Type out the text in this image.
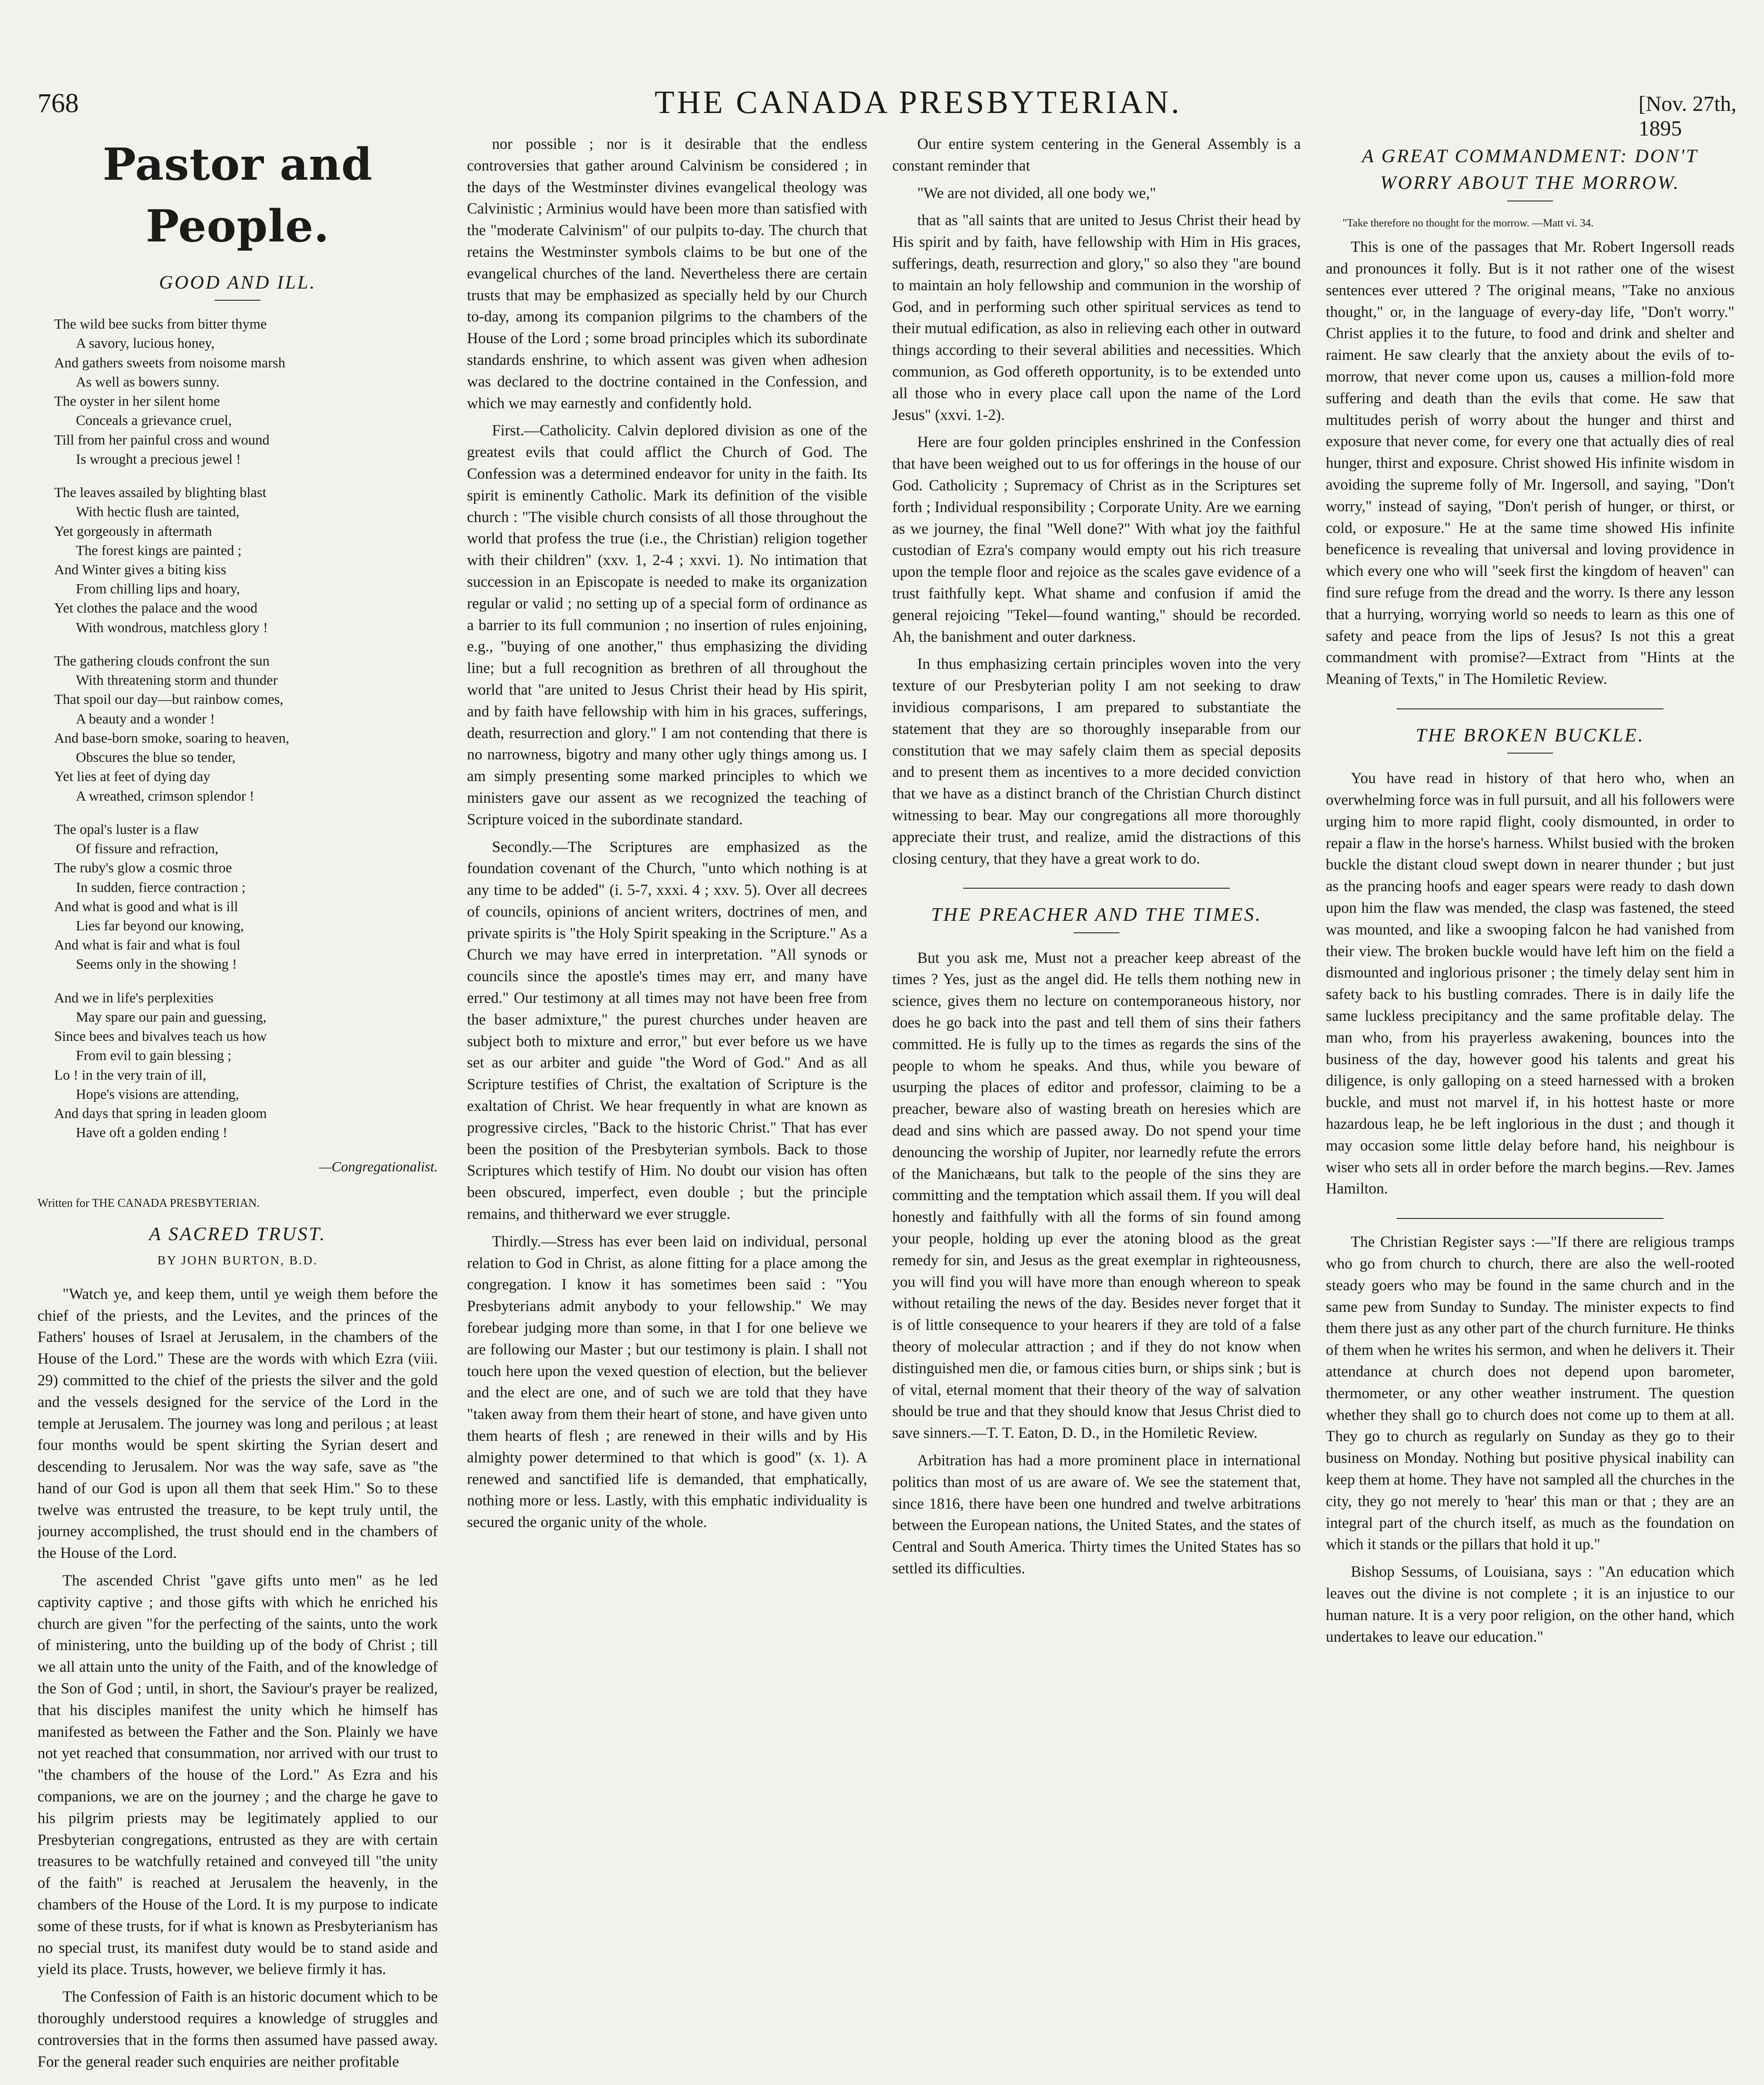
768	THE CANADA PRESBYTERIAN.	[Nov. 27th, 1895
Pastor and People.
GOOD AND ILL.
The wild bee sucks from bitter thyme
A savory, lucious honey,
And gathers sweets from noisome marsh
As well as bowers sunny.
The oyster in her silent home
Conceals a grievance cruel,
Till from her painful cross and wound
Is wrought a precious jewel !
The leaves assailed by blighting blast
With hectic flush are tainted,
Yet gorgeously in aftermath
The forest kings are painted ;
And Winter gives a biting kiss
From chilling lips and hoary,
Yet clothes the palace and the wood
With wondrous, matchless glory !
The gathering clouds confront the sun
With threatening storm and thunder
That spoil our day—but rainbow comes,
A beauty and a wonder !
And base-born smoke, soaring to heaven,
Obscures the blue so tender,
Yet lies at feet of dying day
A wreathed, crimson splendor !
The opal's luster is a flaw
Of fissure and refraction,
The ruby's glow a cosmic throe
In sudden, fierce contraction ;
And what is good and what is ill
Lies far beyond our knowing,
And what is fair and what is foul
Seems only in the showing !
And we in life's perplexities
May spare our pain and guessing,
Since bees and bivalves teach us how
From evil to gain blessing ;
Lo ! in the very train of ill,
Hope's visions are attending,
And days that spring in leaden gloom
Have oft a golden ending !
—Congregationalist.
Written for THE CANADA PRESBYTERIAN.
A SACRED TRUST.
BY JOHN BURTON, B.D.

"Watch ye, and keep them, until ye weigh them before the chief of the priests, and the Levites, and the princes of the Fathers' houses of Israel at Jerusalem, in the chambers of the House of the Lord." These are the words with which Ezra (viii. 29) committed to the chief of the priests the silver and the gold and the vessels designed for the service of the Lord in the temple at Jerusalem. The journey was long and perilous ; at least four months would be spent skirting the Syrian desert and descending to Jerusalem. Nor was the way safe, save as "the hand of our God is upon all them that seek Him." So to these twelve was entrusted the treasure, to be kept truly until, the journey accomplished, the trust should end in the chambers of the House of the Lord.

The ascended Christ "gave gifts unto men" as he led captivity captive ; and those gifts with which he enriched his church are given "for the perfecting of the saints, unto the work of ministering, unto the building up of the body of Christ ; till we all attain unto the unity of the Faith, and of the knowledge of the Son of God ; until, in short, the Saviour's prayer be realized, that his disciples manifest the unity which he himself has manifested as between the Father and the Son. Plainly we have not yet reached that consummation, nor arrived with our trust to "the chambers of the house of the Lord." As Ezra and his companions, we are on the journey ; and the charge he gave to his pilgrim priests may be legitimately applied to our Presbyterian congregations, entrusted as they are with certain treasures to be watchfully retained and conveyed till "the unity of the faith" is reached at Jerusalem the heavenly, in the chambers of the House of the Lord. It is my purpose to indicate some of these trusts, for if what is known as Presbyterianism has no special trust, its manifest duty would be to stand aside and yield its place. Trusts, however, we believe firmly it has.

The Confession of Faith is an historic document which to be thoroughly understood requires a knowledge of struggles and controversies that in the forms then assumed have passed away. For the general reader such enquiries are neither profitable

nor possible ; nor is it desirable that the endless controversies that gather around Calvinism be considered ; in the days of the Westminster divines evangelical theology was Calvinistic ; Arminius would have been more than satisfied with the "moderate Calvinism" of our pulpits to-day. The church that retains the Westminster symbols claims to be but one of the evangelical churches of the land. Nevertheless there are certain trusts that may be emphasized as specially held by our Church to-day, among its companion pilgrims to the chambers of the House of the Lord ; some broad principles which its subordinate standards enshrine, to which assent was given when adhesion was declared to the doctrine contained in the Confession, and which we may earnestly and confidently hold.

First.—Catholicity. Calvin deplored division as one of the greatest evils that could afflict the Church of God. The Confession was a determined endeavor for unity in the faith. Its spirit is eminently Catholic. Mark its definition of the visible church : "The visible church consists of all those throughout the world that profess the true (i.e., the Christian) religion together with their children" (xxv. 1, 2-4 ; xxvi. 1). No intimation that succession in an Episcopate is needed to make its organization regular or valid ; no setting up of a special form of ordinance as a barrier to its full communion ; no insertion of rules enjoining, e.g., "buying of one another," thus emphasizing the dividing line; but a full recognition as brethren of all throughout the world that "are united to Jesus Christ their head by His spirit, and by faith have fellowship with him in his graces, sufferings, death, resurrection and glory." I am not contending that there is no narrowness, bigotry and many other ugly things among us. I am simply presenting some marked principles to which we ministers gave our assent as we recognized the teaching of Scripture voiced in the subordinate standard.

Secondly.—The Scriptures are emphasized as the foundation covenant of the Church, "unto which nothing is at any time to be added" (i. 5-7, xxxi. 4 ; xxv. 5). Over all decrees of councils, opinions of ancient writers, doctrines of men, and private spirits is "the Holy Spirit speaking in the Scripture." As a Church we may have erred in interpretation. "All synods or councils since the apostle's times may err, and many have erred." Our testimony at all times may not have been free from the baser admixture," the purest churches under heaven are subject both to mixture and error," but ever before us we have set as our arbiter and guide "the Word of God." And as all Scripture testifies of Christ, the exaltation of Scripture is the exaltation of Christ. We hear frequently in what are known as progressive circles, "Back to the historic Christ." That has ever been the position of the Presbyterian symbols. Back to those Scriptures which testify of Him. No doubt our vision has often been obscured, imperfect, even double ; but the principle remains, and thitherward we ever struggle.

Thirdly.—Stress has ever been laid on individual, personal relation to God in Christ, as alone fitting for a place among the congregation. I know it has sometimes been said : "You Presbyterians admit anybody to your fellowship." We may forebear judging more than some, in that I for one believe we are following our Master ; but our testimony is plain. I shall not touch here upon the vexed question of election, but the believer and the elect are one, and of such we are told that they have "taken away from them their heart of stone, and have given unto them hearts of flesh ; are renewed in their wills and by His almighty power determined to that which is good" (x. 1). A renewed and sanctified life is demanded, that emphatically, nothing more or less. Lastly, with this emphatic individuality is secured the organic unity of the whole.

Our entire system centering in the General Assembly is a constant reminder that

"We are not divided, all one body we,"

that as "all saints that are united to Jesus Christ their head by His spirit and by faith, have fellowship with Him in His graces, sufferings, death, resurrection and glory," so also they "are bound to maintain an holy fellowship and communion in the worship of God, and in performing such other spiritual services as tend to their mutual edification, as also in relieving each other in outward things according to their several abilities and necessities. Which communion, as God offereth opportunity, is to be extended unto all those who in every place call upon the name of the Lord Jesus" (xxvi. 1-2).

Here are four golden principles enshrined in the Confession that have been weighed out to us for offerings in the house of our God. Catholicity ; Supremacy of Christ as in the Scriptures set forth ; Individual responsibility ; Corporate Unity. Are we earning as we journey, the final "Well done?" With what joy the faithful custodian of Ezra's company would empty out his rich treasure upon the temple floor and rejoice as the scales gave evidence of a trust faithfully kept. What shame and confusion if amid the general rejoicing "Tekel—found wanting," should be recorded. Ah, the banishment and outer darkness.

In thus emphasizing certain principles woven into the very texture of our Presbyterian polity I am not seeking to draw invidious comparisons, I am prepared to substantiate the statement that they are so thoroughly inseparable from our constitution that we may safely claim them as special deposits and to present them as incentives to a more decided conviction that we have as a distinct branch of the Christian Church distinct witnessing to bear. May our congregations all more thoroughly appreciate their trust, and realize, amid the distractions of this closing century, that they have a great work to do.

THE PREACHER AND THE TIMES.

But you ask me, Must not a preacher keep abreast of the times ? Yes, just as the angel did. He tells them nothing new in science, gives them no lecture on contemporaneous history, nor does he go back into the past and tell them of sins their fathers committed. He is fully up to the times as regards the sins of the people to whom he speaks. And thus, while you beware of usurping the places of editor and professor, claiming to be a preacher, beware also of wasting breath on heresies which are dead and sins which are passed away. Do not spend your time denouncing the worship of Jupiter, nor learnedly refute the errors of the Manichæans, but talk to the people of the sins they are committing and the temptation which assail them. If you will deal honestly and faithfully with all the forms of sin found among your people, holding up ever the atoning blood as the great remedy for sin, and Jesus as the great exemplar in righteousness, you will find you will have more than enough whereon to speak without retailing the news of the day. Besides never forget that it is of little consequence to your hearers if they are told of a false theory of molecular attraction ; and if they do not know when distinguished men die, or famous cities burn, or ships sink ; but is of vital, eternal moment that their theory of the way of salvation should be true and that they should know that Jesus Christ died to save sinners.—T. T. Eaton, D. D., in the Homiletic Review.

Arbitration has had a more prominent place in international politics than most of us are aware of. We see the statement that, since 1816, there have been one hundred and twelve arbitrations between the European nations, the United States, and the states of Central and South America. Thirty times the United States has so settled its difficulties.

A GREAT COMMANDMENT: DON'T WORRY ABOUT THE MORROW.

"Take therefore no thought for the morrow. —Matt vi. 34.

This is one of the passages that Mr. Robert Ingersoll reads and pronounces it folly. But is it not rather one of the wisest sentences ever uttered ? The original means, "Take no anxious thought," or, in the language of every-day life, "Don't worry." Christ applies it to the future, to food and drink and shelter and raiment. He saw clearly that the anxiety about the evils of to-morrow, that never come upon us, causes a million-fold more suffering and death than the evils that come. He saw that multitudes perish of worry about the hunger and thirst and exposure that never come, for every one that actually dies of real hunger, thirst and exposure. Christ showed His infinite wisdom in avoiding the supreme folly of Mr. Ingersoll, and saying, "Don't worry," instead of saying, "Don't perish of hunger, or thirst, or cold, or exposure." He at the same time showed His infinite beneficence is revealing that universal and loving providence in which every one who will "seek first the kingdom of heaven" can find sure refuge from the dread and the worry. Is there any lesson that a hurrying, worrying world so needs to learn as this one of safety and peace from the lips of Jesus? Is not this a great commandment with promise?—Extract from "Hints at the Meaning of Texts," in The Homiletic Review.

THE BROKEN BUCKLE.

You have read in history of that hero who, when an overwhelming force was in full pursuit, and all his followers were urging him to more rapid flight, cooly dismounted, in order to repair a flaw in the horse's harness. Whilst busied with the broken buckle the distant cloud swept down in nearer thunder ; but just as the prancing hoofs and eager spears were ready to dash down upon him the flaw was mended, the clasp was fastened, the steed was mounted, and like a swooping falcon he had vanished from their view. The broken buckle would have left him on the field a dismounted and inglorious prisoner ; the timely delay sent him in safety back to his bustling comrades. There is in daily life the same luckless precipitancy and the same profitable delay. The man who, from his prayerless awakening, bounces into the business of the day, however good his talents and great his diligence, is only galloping on a steed harnessed with a broken buckle, and must not marvel if, in his hottest haste or more hazardous leap, he be left inglorious in the dust ; and though it may occasion some little delay before hand, his neighbour is wiser who sets all in order before the march begins.—Rev. James Hamilton.

The Christian Register says :—"If there are religious tramps who go from church to church, there are also the well-rooted steady goers who may be found in the same church and in the same pew from Sunday to Sunday. The minister expects to find them there just as any other part of the church furniture. He thinks of them when he writes his sermon, and when he delivers it. Their attendance at church does not depend upon barometer, thermometer, or any other weather instrument. The question whether they shall go to church does not come up to them at all. They go to church as regularly on Sunday as they go to their business on Monday. Nothing but positive physical inability can keep them at home. They have not sampled all the churches in the city, they go not merely to 'hear' this man or that ; they are an integral part of the church itself, as much as the foundation on which it stands or the pillars that hold it up."

Bishop Sessums, of Louisiana, says : "An education which leaves out the divine is not complete ; it is an injustice to our human nature. It is a very poor religion, on the other hand, which undertakes to leave our education."
